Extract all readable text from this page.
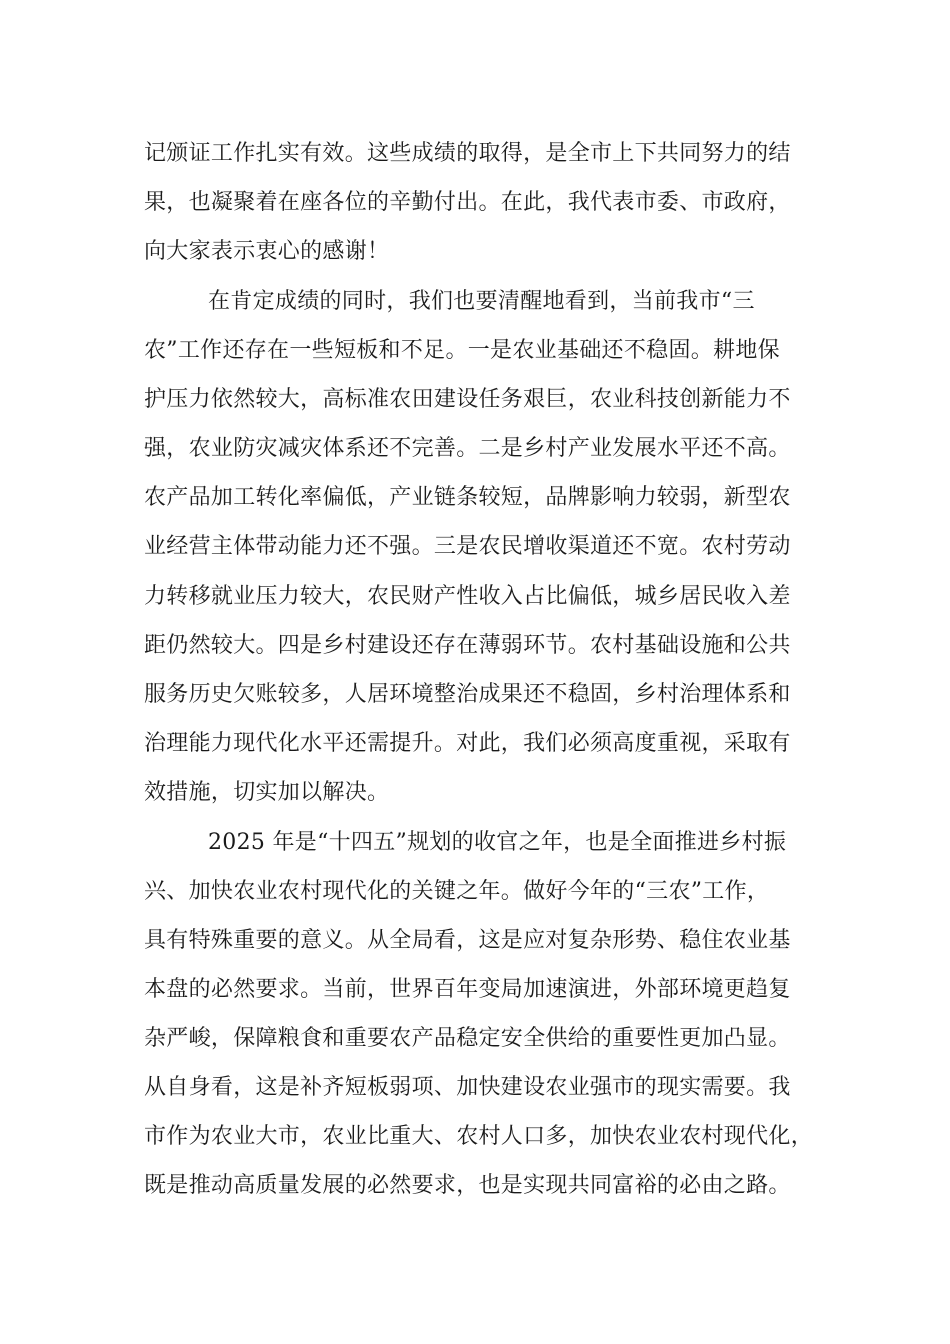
记颁证工作扎实有效。这些成绩的取得，是全市上下共同努力的结
果，也凝聚着在座各位的辛勤付出。在此，我代表市委、市政府，
向大家表示衷心的感谢！
在肯定成绩的同时，我们也要清醒地看到，当前我市“三
农”工作还存在一些短板和不足。一是农业基础还不稳固。耕地保
护压力依然较大，高标准农田建设任务艰巨，农业科技创新能力不
强，农业防灾减灾体系还不完善。二是乡村产业发展水平还不高。
农产品加工转化率偏低，产业链条较短，品牌影响力较弱，新型农
业经营主体带动能力还不强。三是农民增收渠道还不宽。农村劳动
力转移就业压力较大，农民财产性收入占比偏低，城乡居民收入差
距仍然较大。四是乡村建设还存在薄弱环节。农村基础设施和公共
服务历史欠账较多，人居环境整治成果还不稳固，乡村治理体系和
治理能力现代化水平还需提升。对此，我们必须高度重视，采取有
效措施，切实加以解决。
2025 年是“十四五”规划的收官之年，也是全面推进乡村振
兴、加快农业农村现代化的关键之年。做好今年的“三农”工作，
具有特殊重要的意义。从全局看，这是应对复杂形势、稳住农业基
本盘的必然要求。当前，世界百年变局加速演进，外部环境更趋复
杂严峻，保障粮食和重要农产品稳定安全供给的重要性更加凸显。
从自身看，这是补齐短板弱项、加快建设农业强市的现实需要。我
市作为农业大市，农业比重大、农村人口多，加快农业农村现代化，
既是推动高质量发展的必然要求，也是实现共同富裕的必由之路。
